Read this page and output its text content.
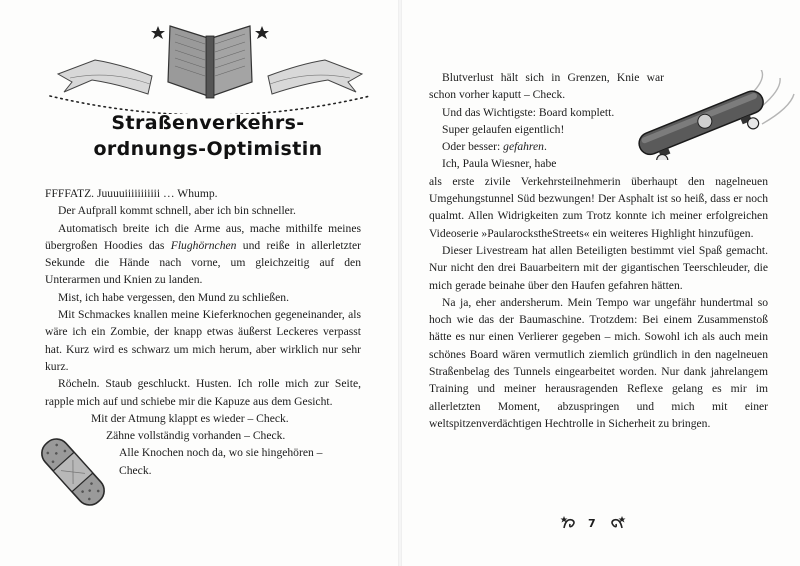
Straßenverkehrs-
ordnungs-Optimistin

FFFFATZ. Juuuuiiiiiiiiiii … Whump.

Der Aufprall kommt schnell, aber ich bin schneller.

Automatisch breite ich die Arme aus, mache mithilfe meines übergroßen Hoodies das Flughörnchen und reiße in allerletzter Sekunde die Hände nach vorne, um gleichzeitig auf den Unterarmen und Knien zu landen.

Mist, ich habe vergessen, den Mund zu schließen.

Mit Schmackes knallen meine Kieferknochen gegeneinander, als wäre ich ein Zombie, der knapp etwas äußerst Leckeres verpasst hat. Kurz wird es schwarz um mich herum, aber wirklich nur sehr kurz.

Röcheln. Staub geschluckt. Husten. Ich rolle mich zur Seite, rapple mich auf und schiebe mir die Kapuze aus dem Gesicht.

Mit der Atmung klappt es wieder – Check.

Zähne vollständig vorhanden – Check.

Alle Knochen noch da, wo sie hingehören –

Check.

Blutverlust hält sich in Grenzen, Knie war schon vorher kaputt – Check.

Und das Wichtigste: Board komplett.

Super gelaufen eigentlich!

Oder besser: gefahren.

Ich, Paula Wiesner, habe

als erste zivile Verkehrsteilnehmerin überhaupt den nagelneuen Umgehungstunnel Süd bezwungen! Der Asphalt ist so heiß, dass er noch qualmt. Allen Widrigkeiten zum Trotz konnte ich meiner erfolgreichen Videoserie »PaularockstheStreets« ein weiteres Highlight hinzufügen.

Dieser Livestream hat allen Beteiligten bestimmt viel Spaß gemacht. Nur nicht den drei Bauarbeitern mit der gigantischen Teerschleuder, die mich gerade beinahe über den Haufen gefahren hätten.

Na ja, eher andersherum. Mein Tempo war ungefähr hundertmal so hoch wie das der Baumaschine. Trotzdem: Bei einem Zusammenstoß hätte es nur einen Verlierer gegeben – mich. Sowohl ich als auch mein schönes Board wären vermutlich ziemlich gründlich in den nagelneuen Straßenbelag des Tunnels eingearbeitet worden. Nur dank jahrelangem Training und meiner herausragenden Reflexe gelang es mir im allerletzten Moment, abzuspringen und mich mit einer weltspitzenverdächtigen Hechtrolle in Sicherheit zu bringen.

7
